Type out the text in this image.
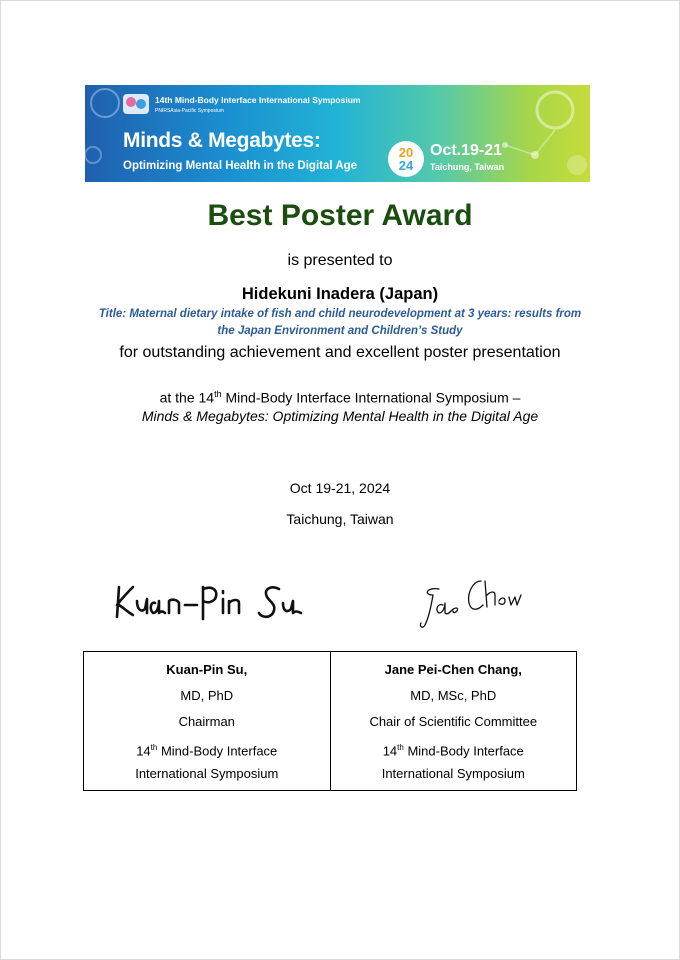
14th Mind-Body Interface International Symposium
PNIRSAsia-Pacific Symposium
Minds & Megabytes:
Optimizing Mental Health in the Digital Age
20
24
Oct.19-21
Taichung, Taiwan
Best Poster Award
is presented to
Hidekuni Inadera (Japan)
Title: Maternal dietary intake of fish and child neurodevelopment at 3 years: results from the Japan Environment and Children’s Study
for outstanding achievement and excellent poster presentation
at the 14th Mind-Body Interface International Symposium –
Minds & Megabytes: Optimizing Mental Health in the Digital Age
Oct 19-21, 2024
Taichung, Taiwan
Kuan-Pin Su,
MD, PhD
Chairman
14th Mind-Body Interface
International Symposium
Jane Pei-Chen Chang,
MD, MSc, PhD
Chair of Scientific Committee
14th Mind-Body Interface
International Symposium
